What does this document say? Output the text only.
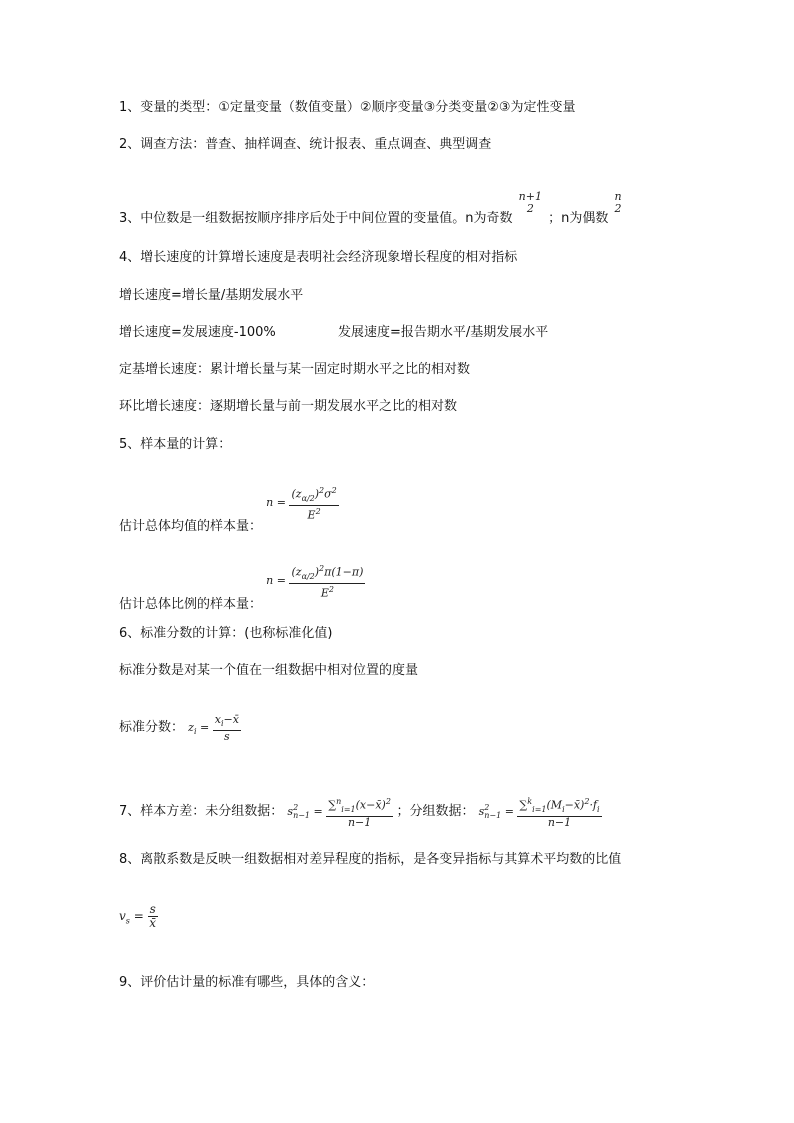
1、变量的类型：①定量变量（数值变量）②顺序变量③分类变量②③为定性变量
2、调查方法：普查、抽样调查、统计报表、重点调查、典型调查
3、中位数是一组数据按顺序排序后处于中间位置的变量值。n为奇数
n+1
2
；n为偶数
n
2
4、增长速度的计算增长速度是表明社会经济现象增长程度的相对指标
增长速度=增长量/基期发展水平
增长速度=发展速度-100%	发展速度=报告期水平/基期发展水平
定基增长速度：累计增长量与某一固定时期水平之比的相对数
环比增长速度：逐期增长量与前一期发展水平之比的相对数
5、样本量的计算：
估计总体均值的样本量： $n = \frac{(z_{\alpha/2})^2\sigma^2}{E^2}$
估计总体比例的样本量： $n = \frac{(z_{\alpha/2})^2\pi(1-\pi)}{E^2}$
6、标准分数的计算：(也称标准化值)
标准分数是对某一个值在一组数据中相对位置的度量
标准分数： $z_i = \frac{x_i-x̄}{s}$
7、样本方差：未分组数据： s 2
$n-1 = \frac{\sum^n_{i=1}(x-x̄)^2}{n-1}$ ；分组数据： s 2
$n-1 = \frac{\sum^k_{i=1}(M_i-x̄)^2\cdot f_i}{n-1}$
8、离散系数是反映一组数据相对差异程度的指标，是各变异指标与其算术平均数的比值
$v_s = \frac{s}{x̄}$
9、评价估计量的标准有哪些，具体的含义：
